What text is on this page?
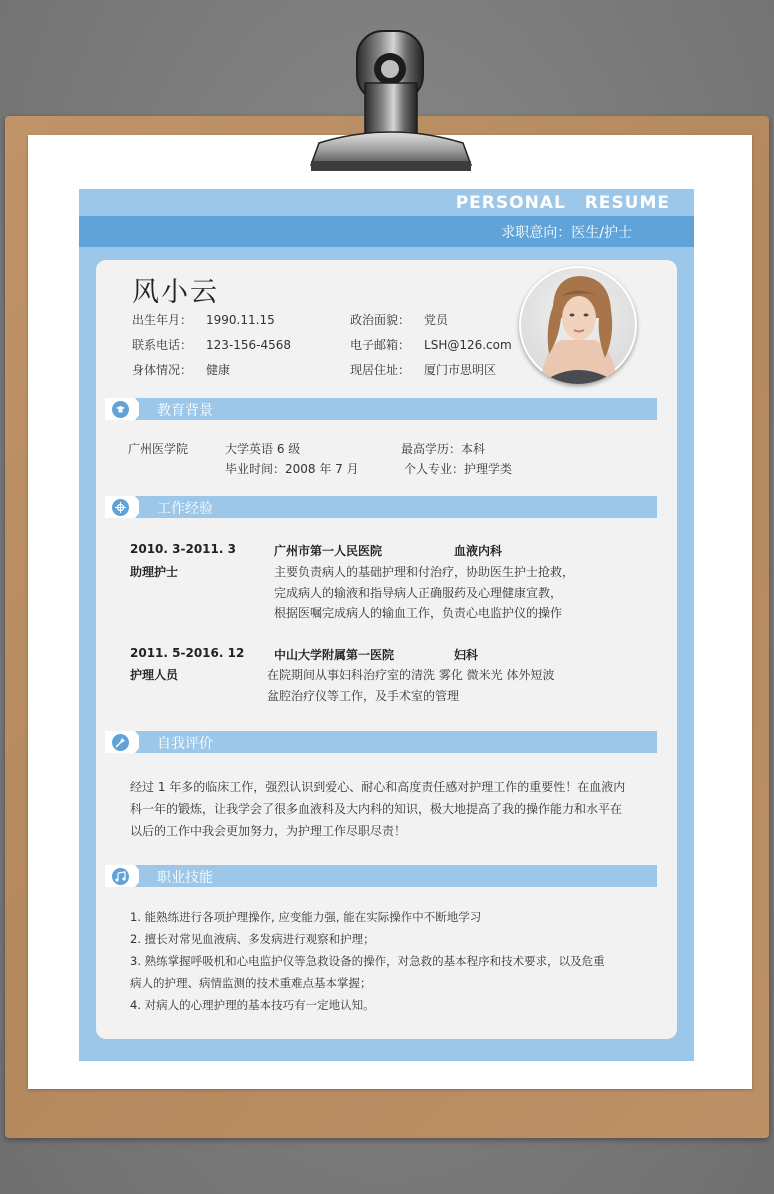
PERSONAL RESUME
求职意向：医生/护士
风小云
出生年月： 1990.11.15	政治面貌： 党员
联系电话： 123-156-4568	电子邮箱： LSH@126.com
身体情况： 健康	现居住址： 厦门市思明区
教育背景
广州医学院	大学英语 6 级	最高学历：本科
毕业时间：2008 年 7 月	个人专业：护理学类
工作经验
2010. 3-2011. 3	广州市第一人民医院	血液内科
助理护士	主要负责病人的基础护理和付治疗，协助医生护士抢救，
完成病人的输液和指导病人正确服药及心理健康宣教，
根据医嘱完成病人的输血工作，负责心电监护仪的操作
2011. 5-2016. 12 中山大学附属第一医院	妇科
护理人员	在院期间从事妇科治疗室的清洗 雾化 微米光 体外短波
盆腔治疗仪等工作，及手术室的管理
自我评价
经过 1 年多的临床工作，强烈认识到爱心、耐心和高度责任感对护理工作的重要性！在血液内
科一年的锻炼，让我学会了很多血液科及大内科的知识，极大地提高了我的操作能力和水平在
以后的工作中我会更加努力，为护理工作尽职尽责！
职业技能
1. 能熟练进行各项护理操作, 应变能力强, 能在实际操作中不断地学习
2. 擅长对常见血液病、多发病进行观察和护理；
3. 熟练掌握呼吸机和心电监护仪等急救设备的操作，对急救的基本程序和技术要求，以及危重
病人的护理、病情监测的技术重难点基本掌握；
4. 对病人的心理护理的基本技巧有一定地认知。
